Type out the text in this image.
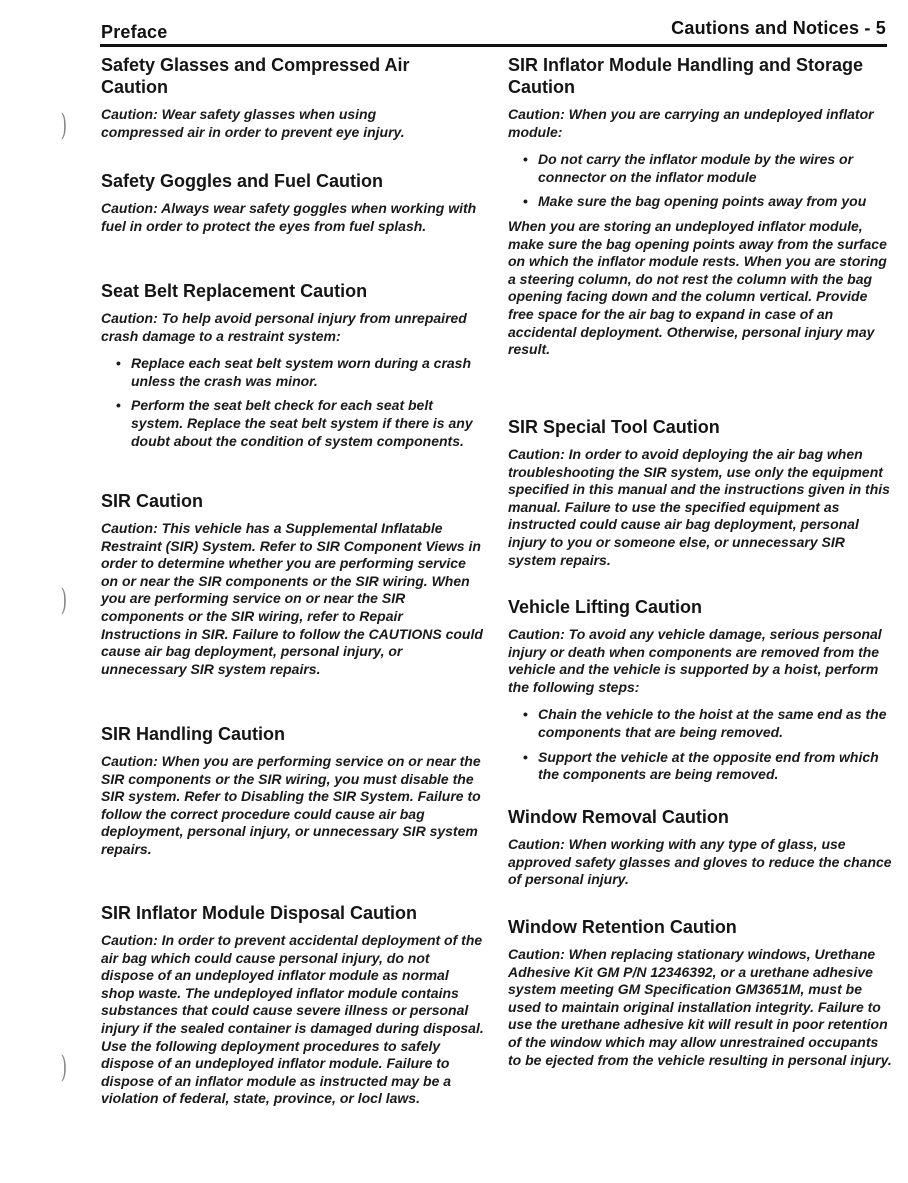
Preface	Cautions and Notices - 5
)
)
)
Safety Glasses and Compressed Air Caution

Caution: Wear safety glasses when using compressed air in order to prevent eye injury.

Safety Goggles and Fuel Caution

Caution: Always wear safety goggles when working with fuel in order to protect the eyes from fuel splash.

Seat Belt Replacement Caution

Caution: To help avoid personal injury from unrepaired crash damage to a restraint system:

• Replace each seat belt system worn during a crash unless the crash was minor.
• Perform the seat belt check for each seat belt system. Replace the seat belt system if there is any doubt about the condition of system components.
SIR Caution

Caution: This vehicle has a Supplemental Inflatable Restraint (SIR) System. Refer to SIR Component Views in order to determine whether you are performing service on or near the SIR components or the SIR wiring. When you are performing service on or near the SIR components or the SIR wiring, refer to Repair Instructions in SIR. Failure to follow the CAUTIONS could cause air bag deployment, personal injury, or unnecessary SIR system repairs.

SIR Handling Caution

Caution: When you are performing service on or near the SIR components or the SIR wiring, you must disable the SIR system. Refer to Disabling the SIR System. Failure to follow the correct procedure could cause air bag deployment, personal injury, or unnecessary SIR system repairs.

SIR Inflator Module Disposal Caution

Caution: In order to prevent accidental deployment of the air bag which could cause personal injury, do not dispose of an undeployed inflator module as normal shop waste. The undeployed inflator module contains substances that could cause severe illness or personal injury if the sealed container is damaged during disposal. Use the following deployment procedures to safely dispose of an undeployed inflator module. Failure to dispose of an inflator module as instructed may be a violation of federal, state, province, or locl laws.

SIR Inflator Module Handling and Storage Caution

Caution: When you are carrying an undeployed inflator module:

• Do not carry the inflator module by the wires or connector on the inflator module
• Make sure the bag opening points away from you

When you are storing an undeployed inflator module, make sure the bag opening points away from the surface on which the inflator module rests. When you are storing a steering column, do not rest the column with the bag opening facing down and the column vertical. Provide free space for the air bag to expand in case of an accidental deployment. Otherwise, personal injury may result.

SIR Special Tool Caution

Caution: In order to avoid deploying the air bag when troubleshooting the SIR system, use only the equipment specified in this manual and the instructions given in this manual. Failure to use the specified equipment as instructed could cause air bag deployment, personal injury to you or someone else, or unnecessary SIR system repairs.

Vehicle Lifting Caution

Caution: To avoid any vehicle damage, serious personal injury or death when components are removed from the vehicle and the vehicle is supported by a hoist, perform the following steps:

• Chain the vehicle to the hoist at the same end as the components that are being removed.
• Support the vehicle at the opposite end from which the components are being removed.
Window Removal Caution

Caution: When working with any type of glass, use approved safety glasses and gloves to reduce the chance of personal injury.

Window Retention Caution

Caution: When replacing stationary windows, Urethane Adhesive Kit GM P/N 12346392, or a urethane adhesive system meeting GM Specification GM3651M, must be used to maintain original installation integrity. Failure to use the urethane adhesive kit will result in poor retention of the window which may allow unrestrained occupants to be ejected from the vehicle resulting in personal injury.
